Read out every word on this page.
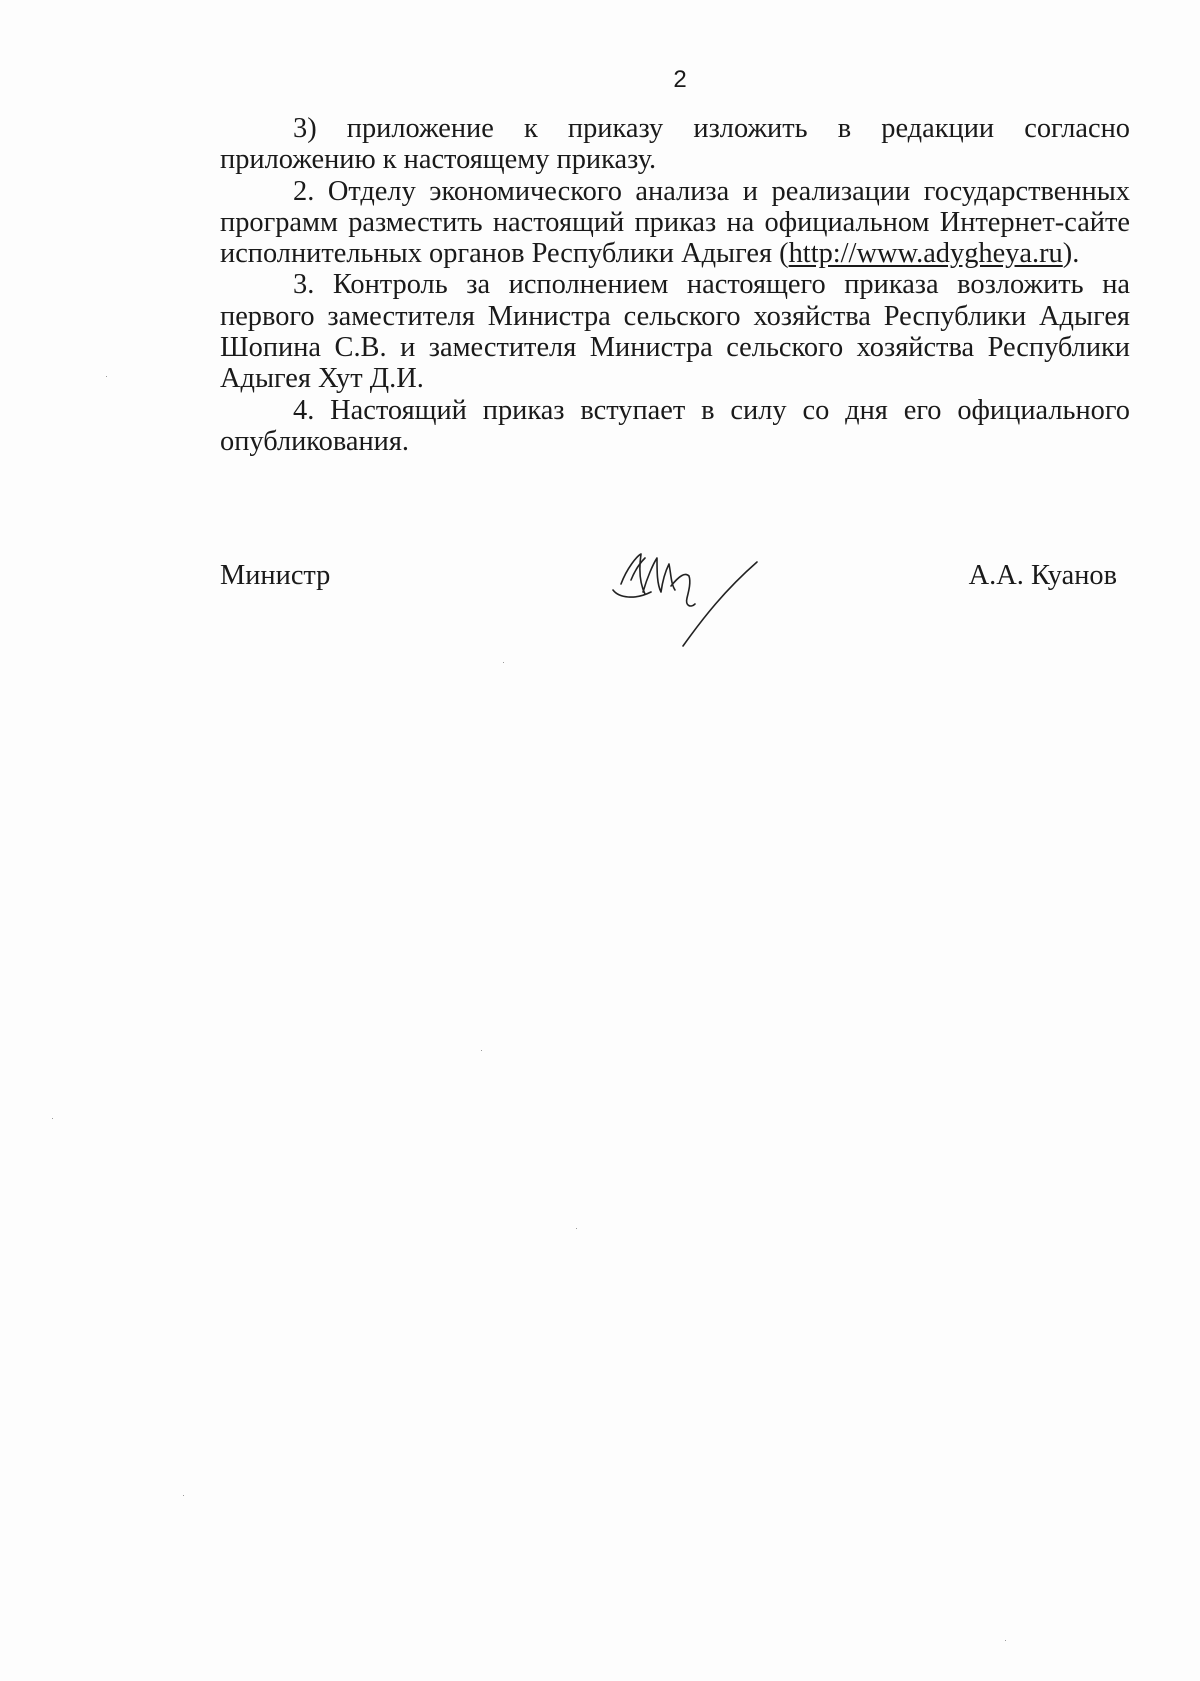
2

3) приложение к приказу изложить в редакции согласно приложению к настоящему приказу.

2. Отделу экономического анализа и реализации государственных программ разместить настоящий приказ на официальном Интернет-сайте исполнительных органов Республики Адыгея (http://www.adygheya.ru).

3. Контроль за исполнением настоящего приказа возложить на первого заместителя Министра сельского хозяйства Республики Адыгея Шопина С.В. и заместителя Министра сельского хозяйства Республики Адыгея Хут Д.И.

4. Настоящий приказ вступает в силу со дня его официального опубликования.

Министр	А.А. Куанов
